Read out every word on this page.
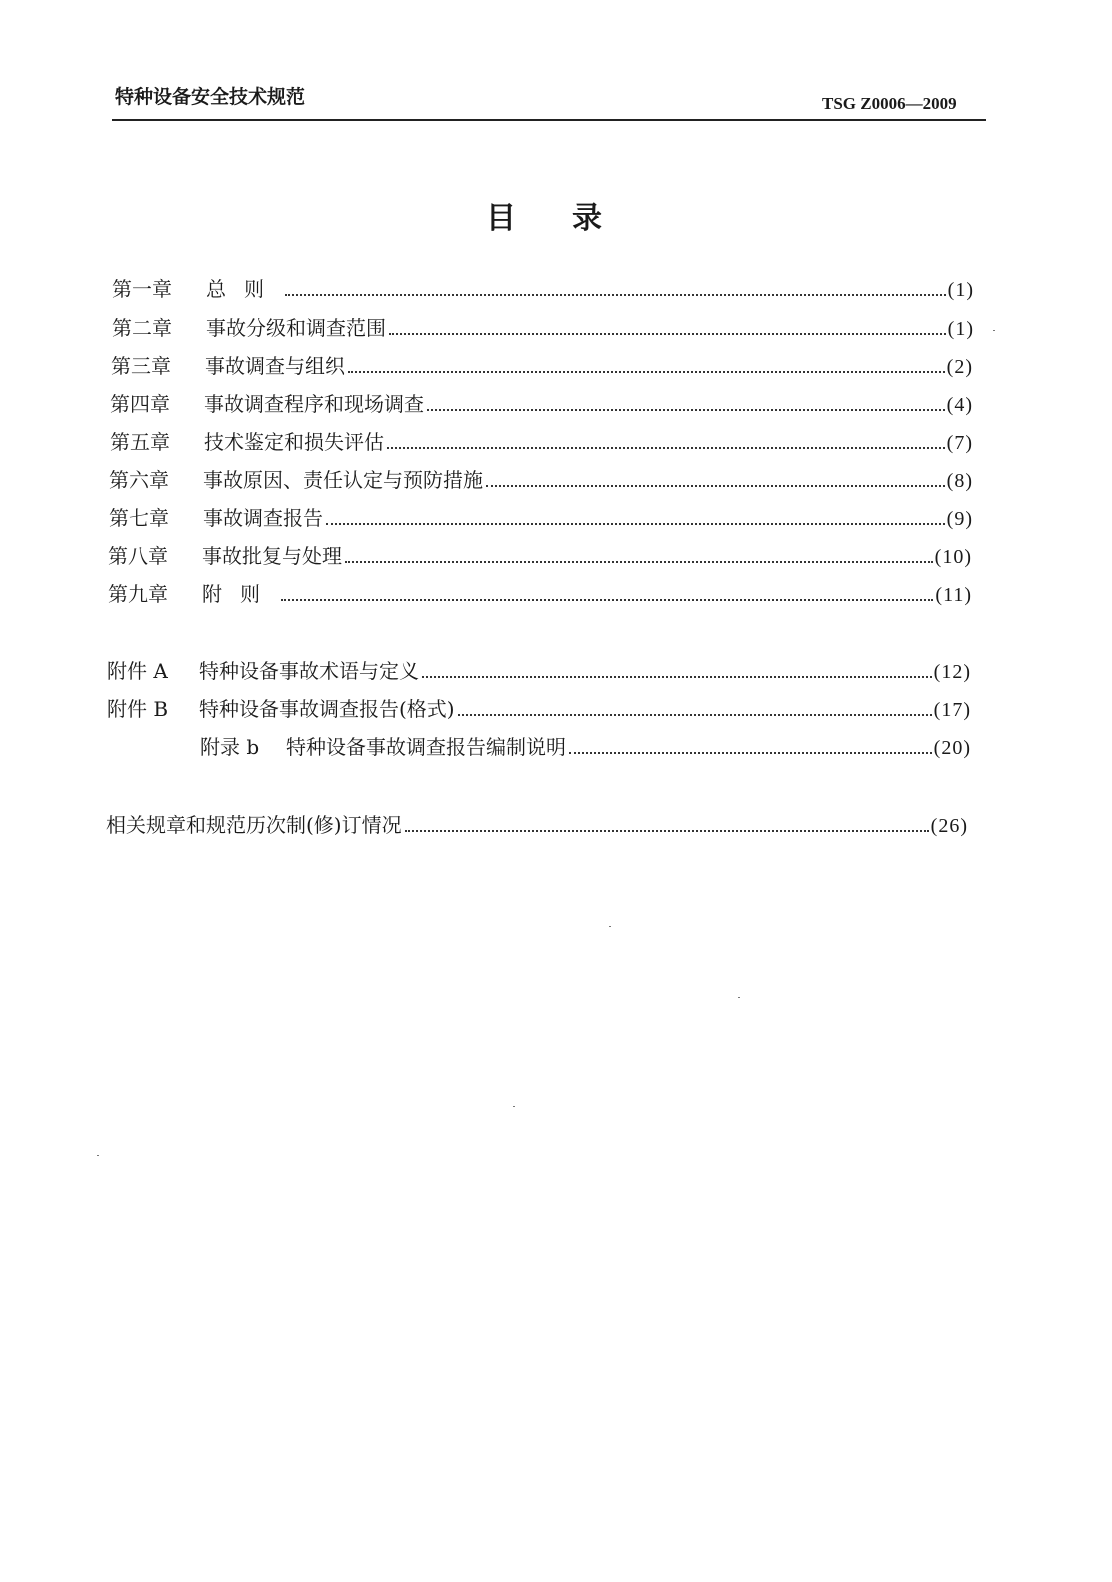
特种设备安全技术规范	TSG Z0006—2009
目录
第一章	总则	(1)
第二章	事故分级和调查范围	(1)
第三章	事故调查与组织	(2)
第四章	事故调查程序和现场调查	(4)
第五章	技术鉴定和损失评估	(7)
第六章	事故原因、责任认定与预防措施	(8)
第七章	事故调查报告	(9)
第八章	事故批复与处理	(10)
第九章	附则	(11)
附件 A	特种设备事故术语与定义	(12)
附件 B	特种设备事故调查报告(格式)	(17)
附录 b	特种设备事故调查报告编制说明	(20)
相关规章和规范历次制(修)订情况	(26)
